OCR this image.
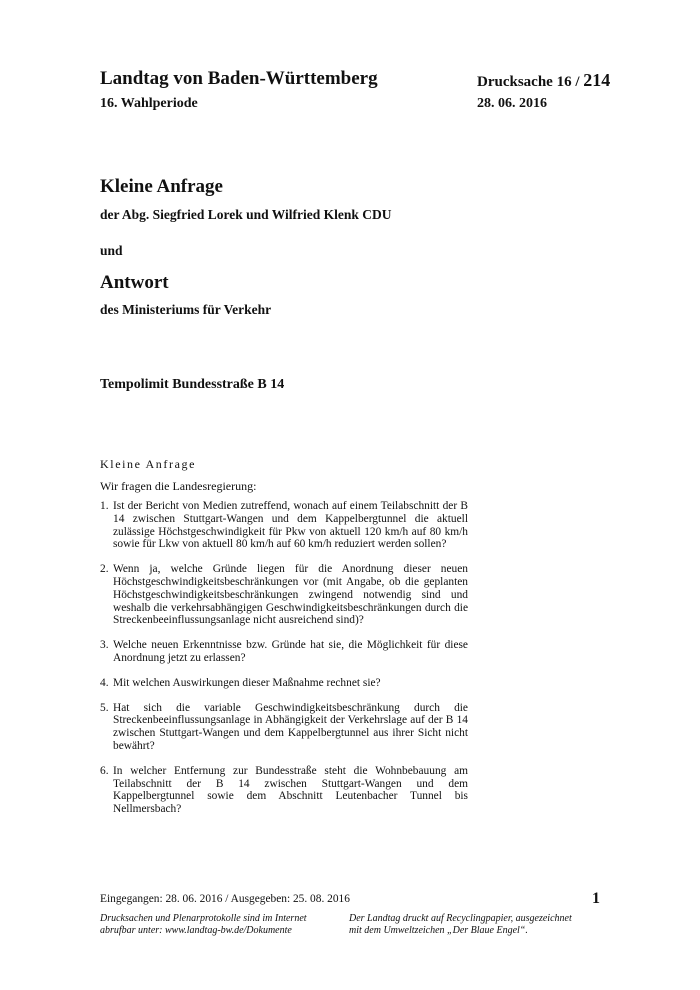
Landtag von Baden-Württemberg	Drucksache 16 / 214
16. Wahlperiode	28. 06. 2016
Kleine Anfrage
der Abg. Siegfried Lorek und Wilfried Klenk CDU
und
Antwort
des Ministeriums für Verkehr
Tempolimit Bundesstraße B 14
Kleine Anfrage
Wir fragen die Landesregierung:
1. Ist der Bericht von Medien zutreffend, wonach auf einem Teilabschnitt der B 14 zwischen Stuttgart-Wangen und dem Kappelbergtunnel die aktuell zulässige Höchstgeschwindigkeit für Pkw von aktuell 120 km/h auf 80 km/h sowie für Lkw von aktuell 80 km/h auf 60 km/h reduziert werden sollen?
2. Wenn ja, welche Gründe liegen für die Anordnung dieser neuen Höchstgeschwindigkeitsbeschränkungen vor (mit Angabe, ob die geplanten Höchstgeschwindigkeitsbeschränkungen zwingend notwendig sind und weshalb die verkehrsabhängigen Geschwindigkeitsbeschränkungen durch die Streckenbeeinflussungsanlage nicht ausreichend sind)?
3. Welche neuen Erkenntnisse bzw. Gründe hat sie, die Möglichkeit für diese Anordnung jetzt zu erlassen?
4. Mit welchen Auswirkungen dieser Maßnahme rechnet sie?
5. Hat sich die variable Geschwindigkeitsbeschränkung durch die Streckenbeeinflussungsanlage in Abhängigkeit der Verkehrslage auf der B 14 zwischen Stuttgart-Wangen und dem Kappelbergtunnel aus ihrer Sicht nicht bewährt?
6. In welcher Entfernung zur Bundesstraße steht die Wohnbebauung am Teilabschnitt der B 14 zwischen Stuttgart-Wangen und dem Kappelbergtunnel sowie dem Abschnitt Leutenbacher Tunnel bis Nellmersbach?
Eingegangen: 28. 06. 2016 / Ausgegeben: 25. 08. 2016	1
Drucksachen und Plenarprotokolle sind im Internet abrufbar unter: www.landtag-bw.de/Dokumente
Der Landtag druckt auf Recyclingpapier, ausgezeichnet mit dem Umweltzeichen „Der Blaue Engel“.
